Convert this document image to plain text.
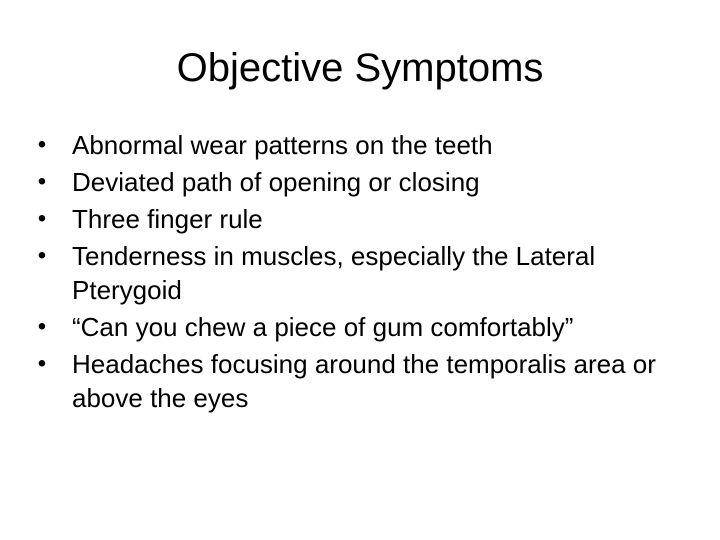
Objective Symptoms
• Abnormal wear patterns on the teeth
• Deviated path of opening or closing
• Three finger rule
• Tenderness in muscles, especially the Lateral Pterygoid
• “Can you chew a piece of gum comfortably”
• Headaches focusing around the temporalis area or above the eyes
